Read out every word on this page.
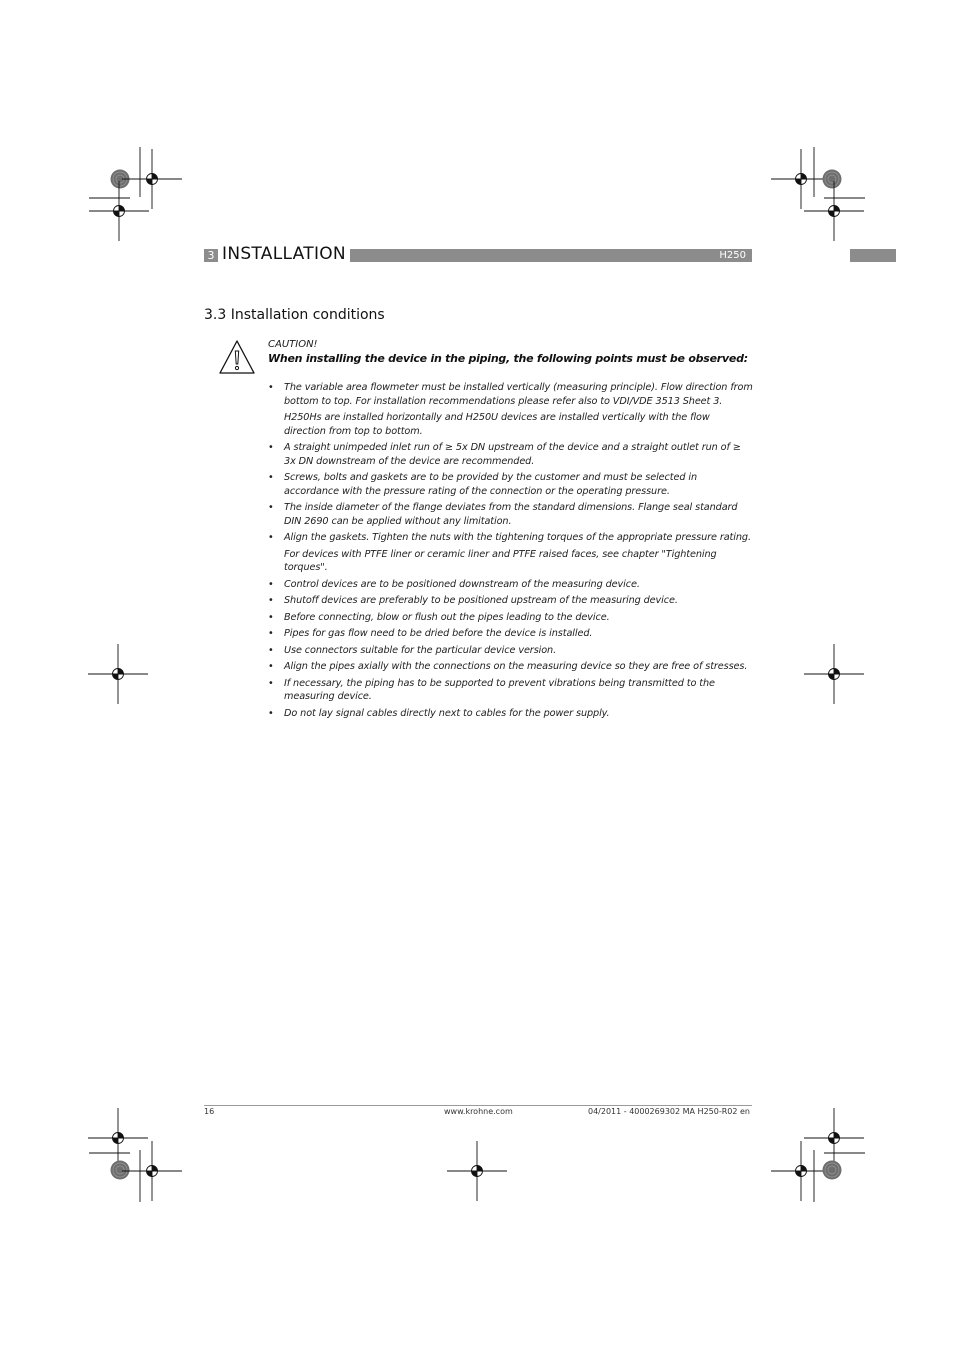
3 INSTALLATION	H250
3.3 Installation conditions
CAUTION!
When installing the device in the piping, the following points must be observed:
• The variable area flowmeter must be installed vertically (measuring principle). Flow direction from bottom to top. For installation recommendations please refer also to VDI/VDE 3513 Sheet 3.
H250Hs are installed horizontally and H250U devices are installed vertically with the flow direction from top to bottom.
• A straight unimpeded inlet run of ≥ 5x DN upstream of the device and a straight outlet run of ≥ 3x DN downstream of the device are recommended.
• Screws, bolts and gaskets are to be provided by the customer and must be selected in accordance with the pressure rating of the connection or the operating pressure.
• The inside diameter of the flange deviates from the standard dimensions. Flange seal standard DIN 2690 can be applied without any limitation.
• Align the gaskets. Tighten the nuts with the tightening torques of the appropriate pressure rating.
For devices with PTFE liner or ceramic liner and PTFE raised faces, see chapter "Tightening torques".
• Control devices are to be positioned downstream of the measuring device.
• Shutoff devices are preferably to be positioned upstream of the measuring device.
• Before connecting, blow or flush out the pipes leading to the device.
• Pipes for gas flow need to be dried before the device is installed.
• Use connectors suitable for the particular device version.
• Align the pipes axially with the connections on the measuring device so they are free of stresses.
• If necessary, the piping has to be supported to prevent vibrations being transmitted to the measuring device.
• Do not lay signal cables directly next to cables for the power supply.
16	www.krohne.com	04/2011 - 4000269302 MA H250-R02 en
